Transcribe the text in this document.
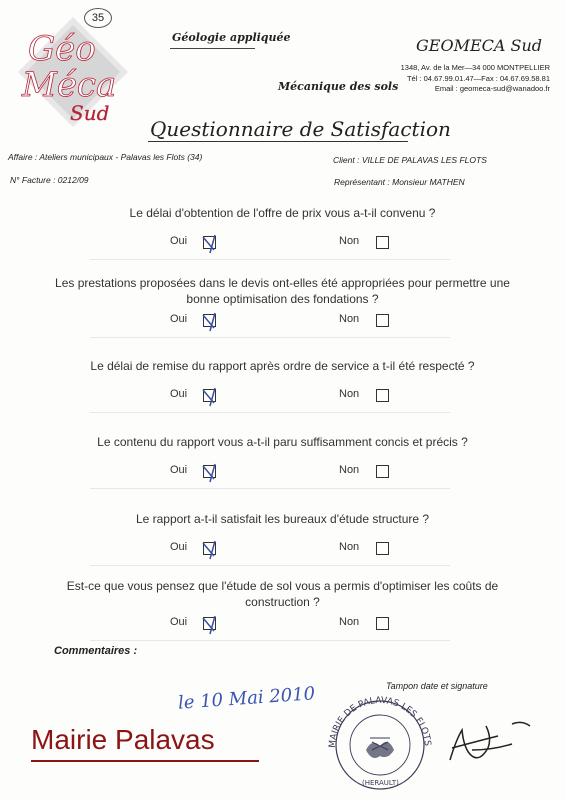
35
Géo
Méca
Sud
Géologie appliquée
Mécanique des sols
GEOMECA Sud
1348, Av. de la Mer—34 000 MONTPELLIER
Tél : 04.67.99.01.47—Fax : 04.67.69.58.81
Email : geomeca-sud@wanadoo.fr
Questionnaire de Satisfaction
Affaire : Ateliers municipaux - Palavas les Flots (34)	Client : VILLE DE PALAVAS LES FLOTS
N° Facture : 0212/09	Représentant : Monsieur MATHEN
Le délai d'obtention de l'offre de prix vous a-t-il convenu ?
Oui	Non
Les prestations proposées dans le devis ont-elles été appropriées pour permettre une bonne optimisation des fondations ?
Oui	Non
Le délai de remise du rapport après ordre de service a t-il été respecté ?
Oui	Non
Le contenu du rapport vous a-t-il paru suffisamment concis et précis ?
Oui	Non
Le rapport a-t-il satisfait les bureaux d'étude structure ?
Oui	Non
Est-ce que vous pensez que l'étude de sol vous a permis d'optimiser les coûts de construction ?
Oui	Non
Commentaires :
le 10 Mai 2010	Tampon date et signature
Mairie Palavas	MAIRIE DE PALAVAS LES FLOTS
(HERAULT)
